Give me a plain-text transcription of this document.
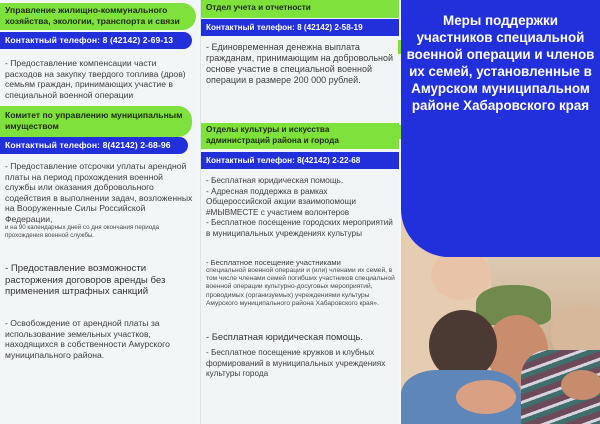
Управление жилищно-коммунального хозяйства, экологии, транспорта и связи
Контактный телефон: 8 (42142) 2-69-13
- Предоставление компенсации части расходов на закупку твердого топлива (дров) семьям граждан, принимающих участие в специальной военной операции
Комитет по управлению муниципальным имуществом
Контактный телефон: 8(42142) 2-68-96
- Предоставление отсрочки уплаты арендной платы на период прохождения военной службы или оказания добровольного содействия в выполнении задач, возложенных на Вооруженные Силы Российской Федерации,
и на 90 календарных дней со дня окончания периода прохождения военной службы.
- Предоставление возможности расторжения договоров аренды без применения штрафных санкций
- Освобождение от арендной платы за использование земельных участков, находящихся в собственности Амурского муниципального района.
Отдел учета и отчетности
Контактный телефон: 8 (42142) 2-58-19
- Единовременная денежна выплата гражданам, принимающим на добровольной основе участие в специальной военной операции в размере 200 000 рублей.
Отделы культуры и искусства администраций района и города
Контактный телефон: 8(42142) 2-22-68
- Бесплатная юридическая помощь.
- Адресная поддержка в рамках Общероссийской акции взаимопомощи #МЫВМЕСТЕ с участием волонтеров
- Бесплатное посещение городских мероприятий в муниципальных учреждениях культуры
- Бесплатное посещение участниками
специальной военной операции и (или) членами их семей, в том числе членами семей погибших участников специальной военной операции культурно-досуговых мероприятий, проводимых (организуемых) учреждениями культуры Амурского муниципального района Хабаровского края».
- Бесплатная юридическая помощь.
- Бесплатное посещение кружков и клубных формирований в муниципальных учреждениях культуры города
Меры поддержки участников специальной военной операции и членов их семей, установленные в Амурском муниципальном районе Хабаровского края
